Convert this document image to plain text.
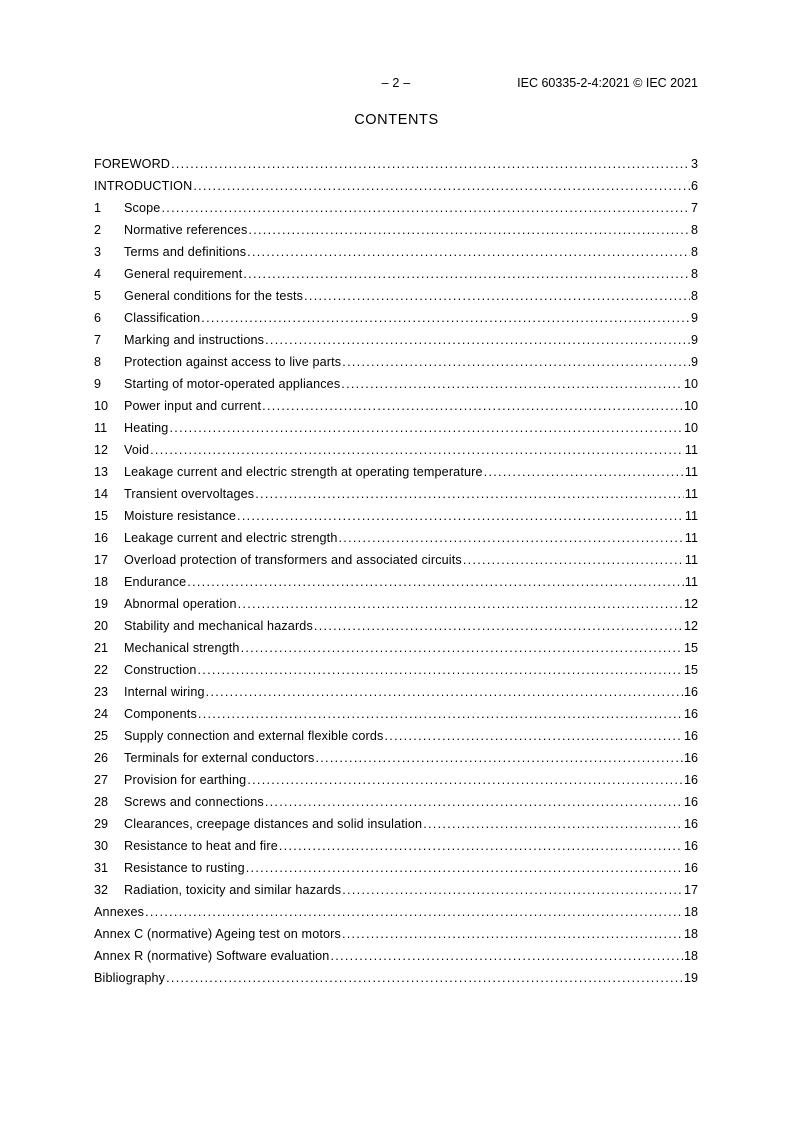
– 2 –	IEC 60335-2-4:2021 © IEC 2021
CONTENTS
FOREWORD .....	3
INTRODUCTION .....	6
1	Scope .....	7
2	Normative references .....	8
3	Terms and definitions .....	8
4	General requirement .....	8
5	General conditions for the tests .....	8
6	Classification .....	9
7	Marking and instructions .....	9
8	Protection against access to live parts .....	9
9	Starting of motor-operated appliances .....	10
10	Power input and current .....	10
11	Heating .....	10
12	Void .....	11
13	Leakage current and electric strength at operating temperature .....	11
14	Transient overvoltages .....	11
15	Moisture resistance .....	11
16	Leakage current and electric strength .....	11
17	Overload protection of transformers and associated circuits .....	11
18	Endurance .....	11
19	Abnormal operation .....	12
20	Stability and mechanical hazards .....	12
21	Mechanical strength .....	15
22	Construction .....	15
23	Internal wiring .....	16
24	Components .....	16
25	Supply connection and external flexible cords .....	16
26	Terminals for external conductors .....	16
27	Provision for earthing .....	16
28	Screws and connections .....	16
29	Clearances, creepage distances and solid insulation .....	16
30	Resistance to heat and fire .....	16
31	Resistance to rusting .....	16
32	Radiation, toxicity and similar hazards .....	17
Annexes .....	18
Annex C (normative) Ageing test on motors .....	18
Annex R (normative) Software evaluation .....	18
Bibliography .....	19
